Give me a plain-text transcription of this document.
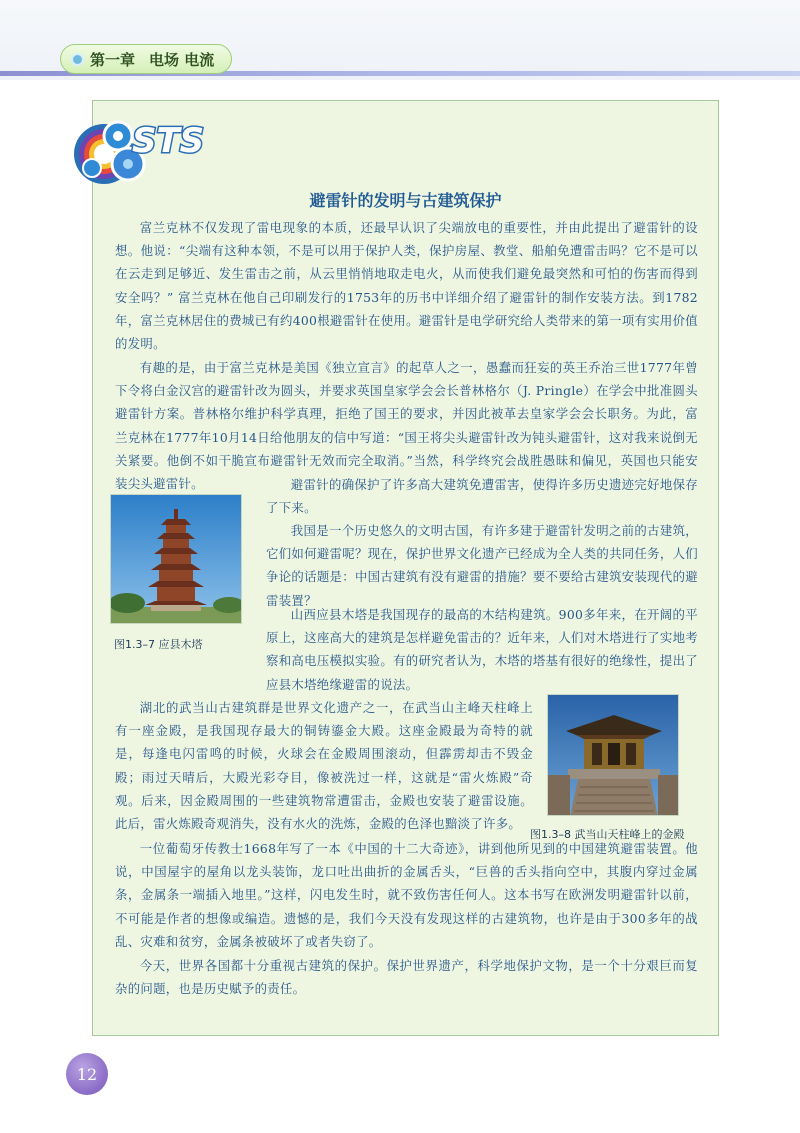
第一章 电场 电流
STS
避雷针的发明与古建筑保护

富兰克林不仅发现了雷电现象的本质，还最早认识了尖端放电的重要性，并由此提出了避雷针的设想。他说：“尖端有这种本领，不是可以用于保护人类，保护房屋、教堂、船舶免遭雷击吗？它不是可以在云走到足够近、发生雷击之前，从云里悄悄地取走电火，从而使我们避免最突然和可怕的伤害而得到安全吗？” 富兰克林在他自己印刷发行的1753年的历书中详细介绍了避雷针的制作安装方法。到1782年，富兰克林居住的费城已有约400根避雷针在使用。避雷针是电学研究给人类带来的第一项有实用价值的发明。

有趣的是，由于富兰克林是美国《独立宣言》的起草人之一，愚蠢而狂妄的英王乔治三世1777年曾下令将白金汉宫的避雷针改为圆头，并要求英国皇家学会会长普林格尔（J. Pringle）在学会中批准圆头避雷针方案。普林格尔维护科学真理，拒绝了国王的要求，并因此被革去皇家学会会长职务。为此，富兰克林在1777年10月14日给他朋友的信中写道：“国王将尖头避雷针改为钝头避雷针，这对我来说倒无关紧要。他倒不如干脆宣布避雷针无效而完全取消。”当然，科学终究会战胜愚昧和偏见，英国也只能安装尖头避雷针。	避雷针的确保护了许多高大建筑免遭雷害，使得许多历史遗迹完好地保存了下来。

我国是一个历史悠久的文明古国，有许多建于避雷针发明之前的古建筑，它们如何避雷呢？现在，保护世界文化遗产已经成为全人类的共同任务，人们争论的话题是：中国古建筑有没有避雷的措施？要不要给古建筑安装现代的避雷装置？

山西应县木塔是我国现存的最高的木结构建筑。900多年来，在开阔的平原上，这座高大的建筑是怎样避免雷击的？近年来，人们对木塔进行了实地考察和高电压模拟实验。有的研究者认为，木塔的塔基有很好的绝缘性，提出了应县木塔绝缘避雷的说法。

湖北的武当山古建筑群是世界文化遗产之一，在武当山主峰天柱峰上有一座金殿，是我国现存最大的铜铸鎏金大殿。这座金殿最为奇特的就是，每逢电闪雷鸣的时候，火球会在金殿周围滚动，但霹雳却击不毁金殿；雨过天晴后，大殿光彩夺目，像被洗过一样，这就是“雷火炼殿”奇观。后来，因金殿周围的一些建筑物常遭雷击，金殿也安装了避雷设施。此后，雷火炼殿奇观消失，没有水火的洗炼，金殿的色泽也黯淡了许多。

一位葡萄牙传教士1668年写了一本《中国的十二大奇迹》，讲到他所见到的中国建筑避雷装置。他说，中国屋宇的屋角以龙头装饰，龙口吐出曲折的金属舌头，“巨兽的舌头指向空中，其腹内穿过金属条，金属条一端插入地里。”这样，闪电发生时，就不致伤害任何人。这本书写在欧洲发明避雷针以前，不可能是作者的想像或编造。遗憾的是，我们今天没有发现这样的古建筑物，也许是由于300多年的战乱、灾难和贫穷，金属条被破坏了或者失窃了。

今天，世界各国都十分重视古建筑的保护。保护世界遗产，科学地保护文物，是一个十分艰巨而复杂的问题，也是历史赋予的责任。

图1.3–7 应县木塔

图1.3–8 武当山天柱峰上的金殿

12
